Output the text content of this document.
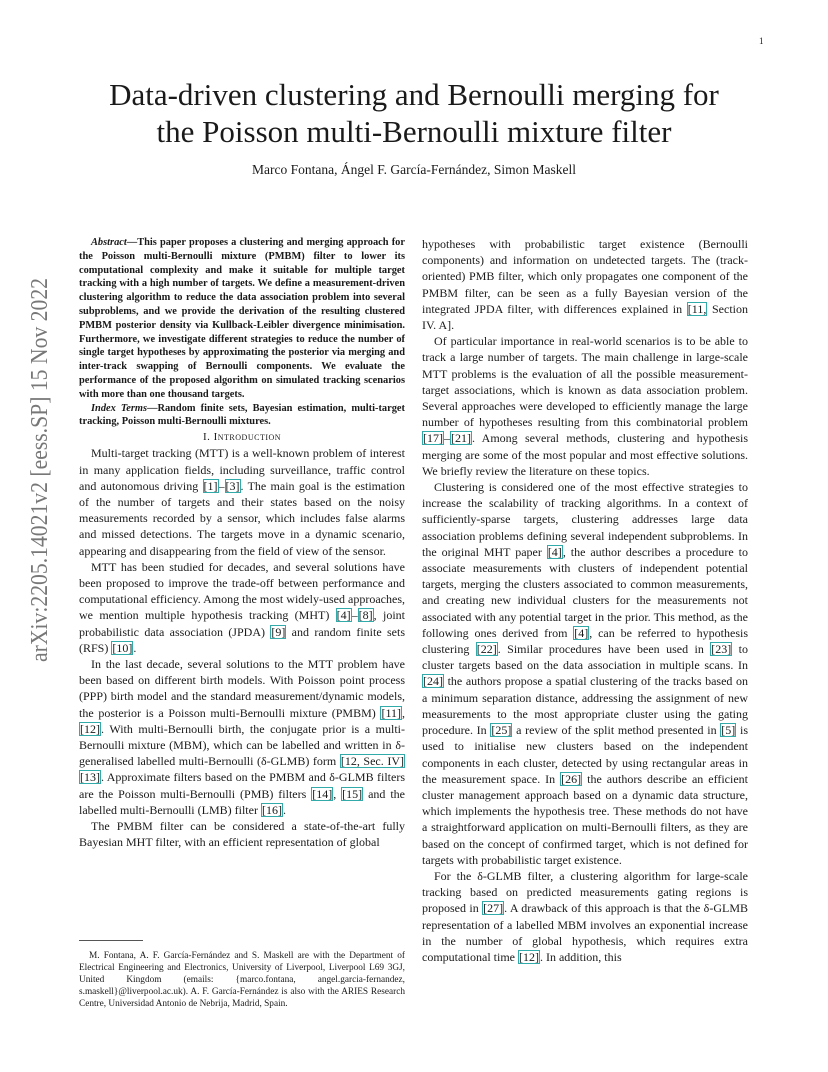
1
arXiv:2205.14021v2 [eess.SP] 15 Nov 2022
Data-driven clustering and Bernoulli merging for
the Poisson multi-Bernoulli mixture filter
Marco Fontana, Ángel F. García-Fernández, Simon Maskell

Abstract—This paper proposes a clustering and merging approach for the Poisson multi-Bernoulli mixture (PMBM) filter to lower its computational complexity and make it suitable for multiple target tracking with a high number of targets. We define a measurement-driven clustering algorithm to reduce the data association problem into several subproblems, and we provide the derivation of the resulting clustered PMBM posterior density via Kullback-Leibler divergence minimisation. Furthermore, we investigate different strategies to reduce the number of single target hypotheses by approximating the posterior via merging and inter-track swapping of Bernoulli components. We evaluate the performance of the proposed algorithm on simulated tracking scenarios with more than one thousand targets.

Index Terms—Random finite sets, Bayesian estimation, multi-target tracking, Poisson multi-Bernoulli mixtures.

I. Introduction

Multi-target tracking (MTT) is a well-known problem of interest in many application fields, including surveillance, traffic control and autonomous driving [1]–[3]. The main goal is the estimation of the number of targets and their states based on the noisy measurements recorded by a sensor, which includes false alarms and missed detections. The targets move in a dynamic scenario, appearing and disappearing from the field of view of the sensor.

MTT has been studied for decades, and several solutions have been proposed to improve the trade-off between performance and computational efficiency. Among the most widely-used approaches, we mention multiple hypothesis tracking (MHT) [4]–[8], joint probabilistic data association (JPDA) [9] and random finite sets (RFS) [10].

In the last decade, several solutions to the MTT problem have been based on different birth models. With Poisson point process (PPP) birth model and the standard measurement/dynamic models, the posterior is a Poisson multi-Bernoulli mixture (PMBM) [11], [12]. With multi-Bernoulli birth, the conjugate prior is a multi-Bernoulli mixture (MBM), which can be labelled and written in δ-generalised labelled multi-Bernoulli (δ-GLMB) form [12, Sec. IV] [13]. Approximate filters based on the PMBM and δ-GLMB filters are the Poisson multi-Bernoulli (PMB) filters [14], [15] and the labelled multi-Bernoulli (LMB) filter [16].

The PMBM filter can be considered a state-of-the-art fully Bayesian MHT filter, with an efficient representation of global

hypotheses with probabilistic target existence (Bernoulli components) and information on undetected targets. The (track-oriented) PMB filter, which only propagates one component of the PMBM filter, can be seen as a fully Bayesian version of the integrated JPDA filter, with differences explained in [11, Section IV. A].

Of particular importance in real-world scenarios is to be able to track a large number of targets. The main challenge in large-scale MTT problems is the evaluation of all the possible measurement-target associations, which is known as data association problem. Several approaches were developed to efficiently manage the large number of hypotheses resulting from this combinatorial problem [17]–[21]. Among several methods, clustering and hypothesis merging are some of the most popular and most effective solutions. We briefly review the literature on these topics.

Clustering is considered one of the most effective strategies to increase the scalability of tracking algorithms. In a context of sufficiently-sparse targets, clustering addresses large data association problems defining several independent subproblems. In the original MHT paper [4], the author describes a procedure to associate measurements with clusters of independent potential targets, merging the clusters associated to common measurements, and creating new individual clusters for the measurements not associated with any potential target in the prior. This method, as the following ones derived from [4], can be referred to hypothesis clustering [22]. Similar procedures have been used in [23] to cluster targets based on the data association in multiple scans. In [24] the authors propose a spatial clustering of the tracks based on a minimum separation distance, addressing the assignment of new measurements to the most appropriate cluster using the gating procedure. In [25] a review of the split method presented in [5] is used to initialise new clusters based on the independent components in each cluster, detected by using rectangular areas in the measurement space. In [26] the authors describe an efficient cluster management approach based on a dynamic data structure, which implements the hypothesis tree. These methods do not have a straightforward application on multi-Bernoulli filters, as they are based on the concept of confirmed target, which is not defined for targets with probabilistic target existence.

For the δ-GLMB filter, a clustering algorithm for large-scale tracking based on predicted measurements gating regions is proposed in [27]. A drawback of this approach is that the δ-GLMB representation of a labelled MBM involves an exponential increase in the number of global hypothesis, which requires extra computational time [12]. In addition, this

M. Fontana, A. F. García-Fernández and S. Maskell are with the Department of Electrical Engineering and Electronics, University of Liverpool, Liverpool L69 3GJ, United Kingdom (emails: {marco.fontana, angel.garcia-fernandez, s.maskell}@liverpool.ac.uk). A. F. García-Fernández is also with the ARIES Research Centre, Universidad Antonio de Nebrija, Madrid, Spain.
